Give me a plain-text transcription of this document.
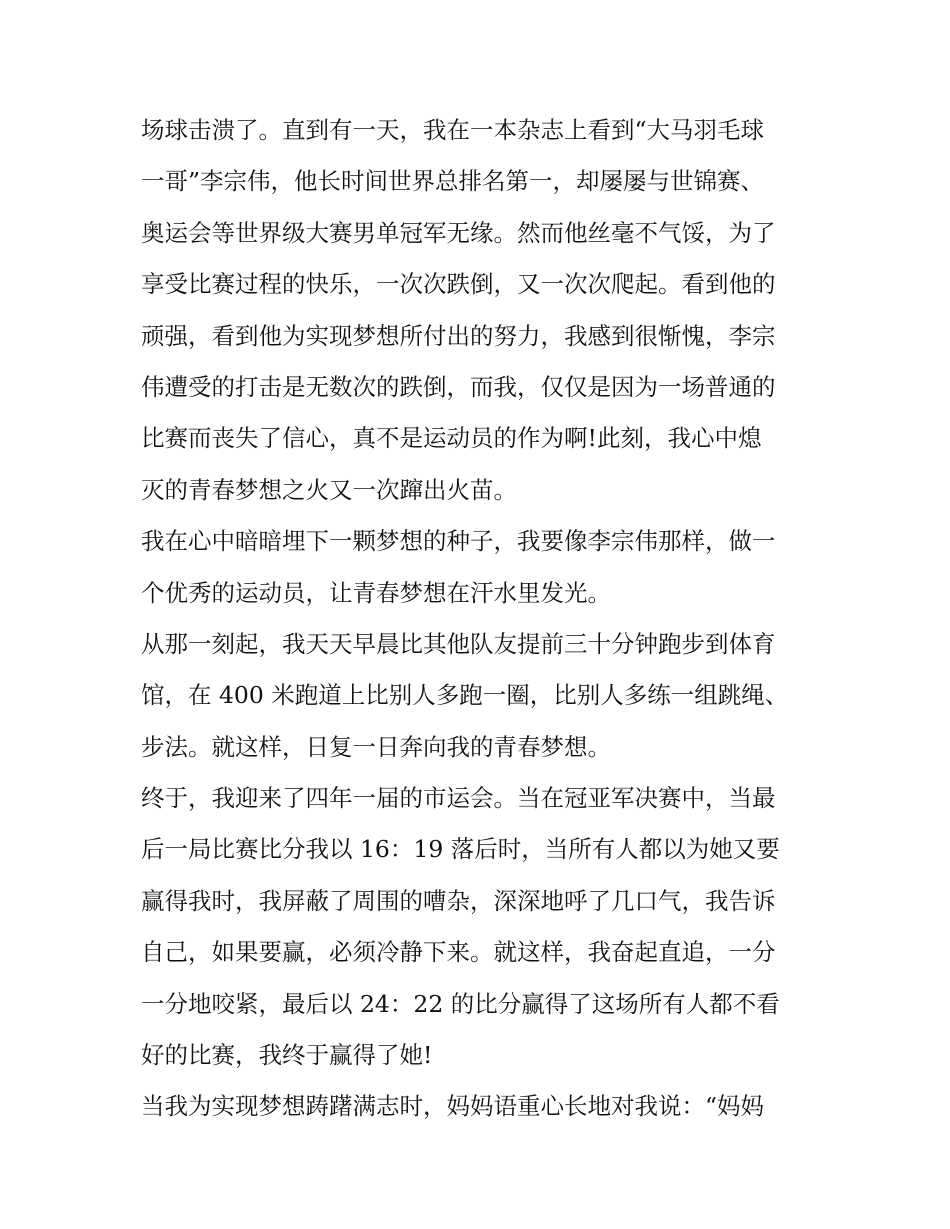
场球击溃了。直到有一天，我在一本杂志上看到“大马羽毛球
一哥”李宗伟，他长时间世界总排名第一，却屡屡与世锦赛、
奥运会等世界级大赛男单冠军无缘。然而他丝毫不气馁，为了
享受比赛过程的快乐，一次次跌倒，又一次次爬起。看到他的
顽强，看到他为实现梦想所付出的努力，我感到很惭愧，李宗
伟遭受的打击是无数次的跌倒，而我，仅仅是因为一场普通的
比赛而丧失了信心，真不是运动员的作为啊!此刻，我心中熄
灭的青春梦想之火又一次蹿出火苗。
我在心中暗暗埋下一颗梦想的种子，我要像李宗伟那样，做一
个优秀的运动员，让青春梦想在汗水里发光。
从那一刻起，我天天早晨比其他队友提前三十分钟跑步到体育
馆，在 400 米跑道上比别人多跑一圈，比别人多练一组跳绳、
步法。就这样，日复一日奔向我的青春梦想。
终于，我迎来了四年一届的市运会。当在冠亚军决赛中，当最
后一局比赛比分我以 16：19 落后时，当所有人都以为她又要
赢得我时，我屏蔽了周围的嘈杂，深深地呼了几口气，我告诉
自己，如果要赢，必须冷静下来。就这样，我奋起直追，一分
一分地咬紧，最后以 24：22 的比分赢得了这场所有人都不看
好的比赛，我终于赢得了她!
当我为实现梦想踌躇满志时，妈妈语重心长地对我说：“妈妈
